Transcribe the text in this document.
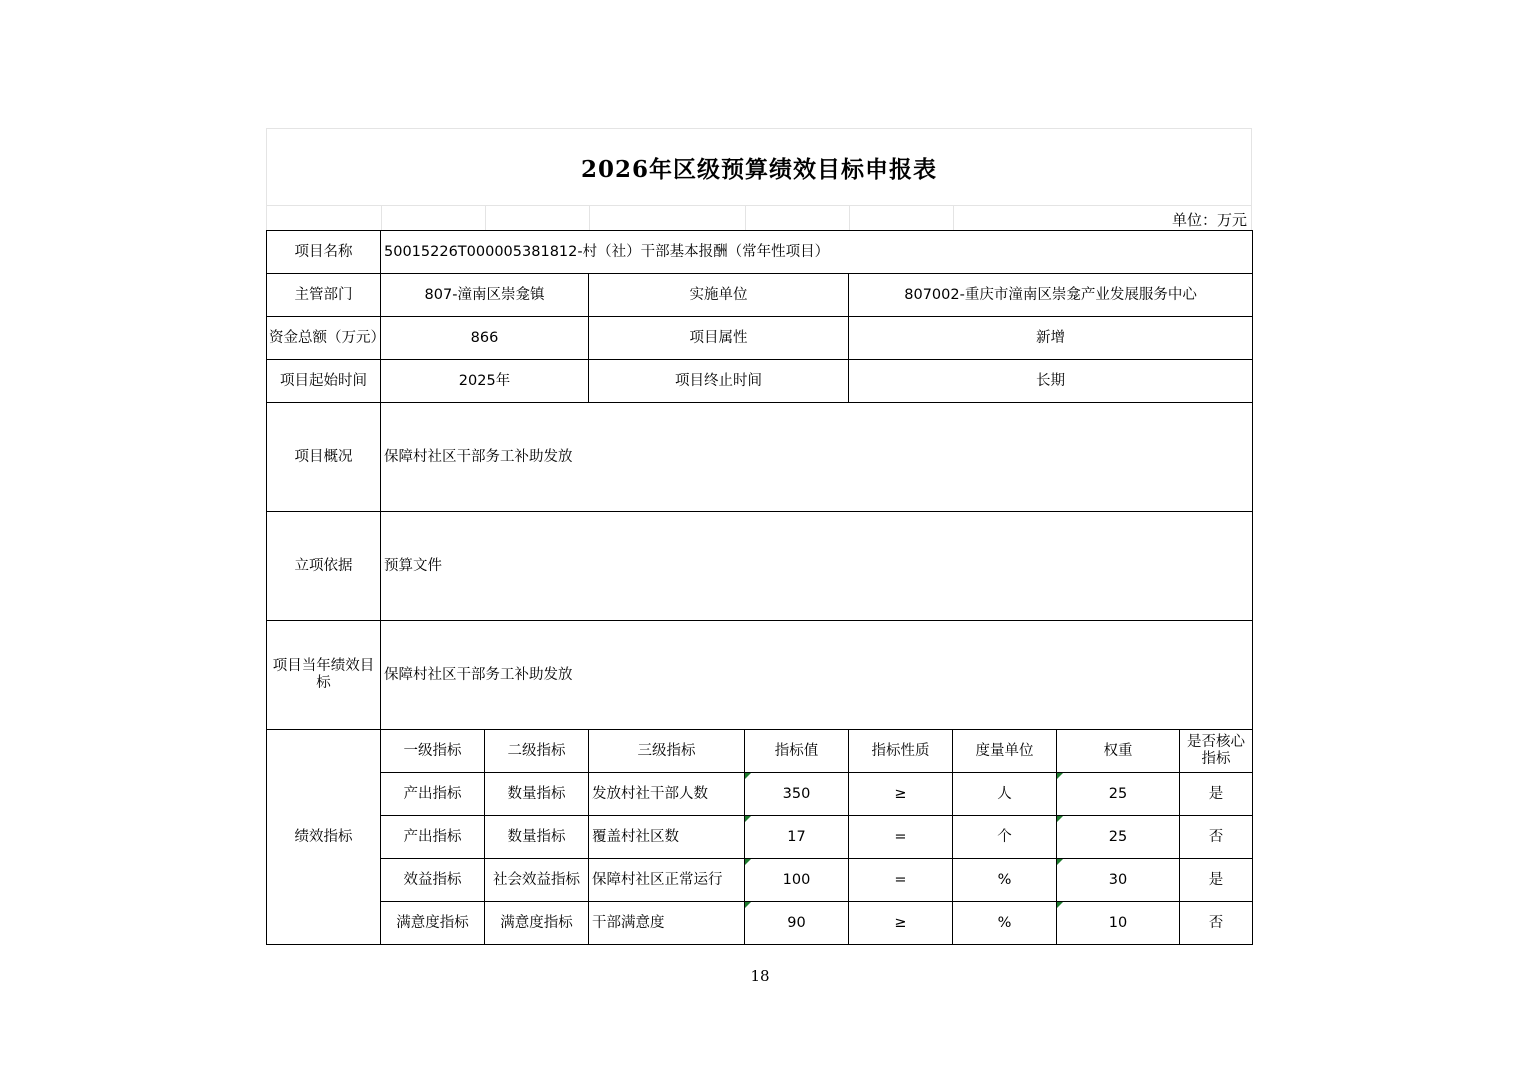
2026年区级预算绩效目标申报表
单位：万元
项目名称	50015226T000005381812-村（社）干部基本报酬（常年性项目）							
主管部门	807-潼南区崇龛镇		实施单位		807002-重庆市潼南区崇龛产业发展服务中心			
资金总额（万元）	866		项目属性		新增			
项目起始时间	2025年		项目终止时间		长期			
项目概况	保障村社区干部务工补助发放							
立项依据	预算文件							
项目当年绩效目标	保障村社区干部务工补助发放							
绩效指标	一级指标	二级指标	三级指标	指标值	指标性质	度量单位	权重	是否核心指标
	产出指标	数量指标	发放村社干部人数	350	≥	人	25	是
	产出指标	数量指标	覆盖村社区数	17	=	个	25	否
	效益指标	社会效益指标	保障村社区正常运行	100	=	%	30	是
	满意度指标	满意度指标	干部满意度	90	≥	%	10	否
18
